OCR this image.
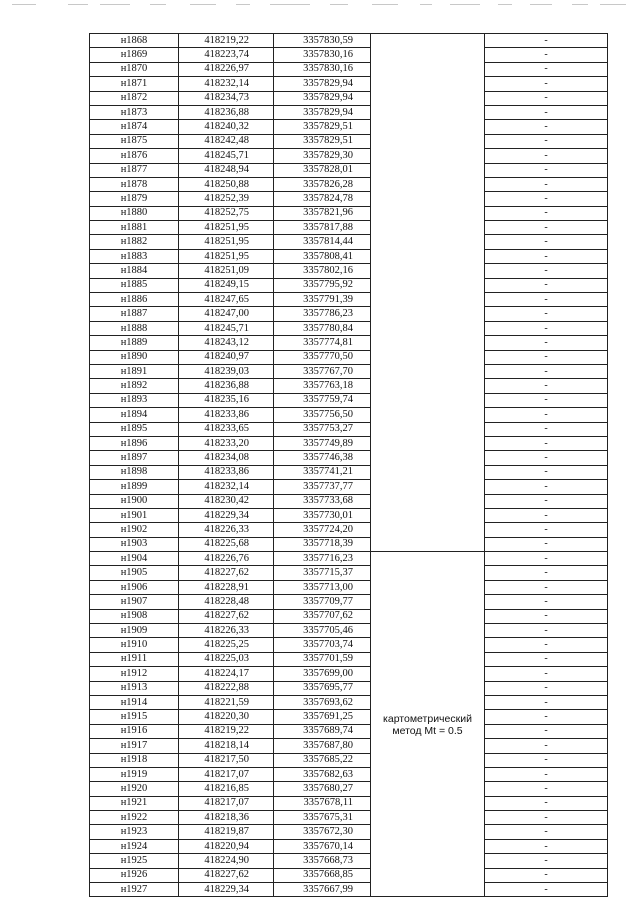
н1868	418219,22	3357830,59		-
н1869	418223,74	3357830,16		-
н1870	418226,97	3357830,16		-
н1871	418232,14	3357829,94		-
н1872	418234,73	3357829,94		-
н1873	418236,88	3357829,94		-
н1874	418240,32	3357829,51		-
н1875	418242,48	3357829,51		-
н1876	418245,71	3357829,30		-
н1877	418248,94	3357828,01		-
н1878	418250,88	3357826,28		-
н1879	418252,39	3357824,78		-
н1880	418252,75	3357821,96		-
н1881	418251,95	3357817,88		-
н1882	418251,95	3357814,44		-
н1883	418251,95	3357808,41		-
н1884	418251,09	3357802,16		-
н1885	418249,15	3357795,92		-
н1886	418247,65	3357791,39		-
н1887	418247,00	3357786,23		-
н1888	418245,71	3357780,84		-
н1889	418243,12	3357774,81		-
н1890	418240,97	3357770,50		-
н1891	418239,03	3357767,70		-
н1892	418236,88	3357763,18		-
н1893	418235,16	3357759,74		-
н1894	418233,86	3357756,50		-
н1895	418233,65	3357753,27		-
н1896	418233,20	3357749,89		-
н1897	418234,08	3357746,38		-
н1898	418233,86	3357741,21		-
н1899	418232,14	3357737,77		-
н1900	418230,42	3357733,68		-
н1901	418229,34	3357730,01		-
н1902	418226,33	3357724,20		-
н1903	418225,68	3357718,39		-
н1904	418226,76	3357716,23	картометрический метод Mt = 0.5	-
н1905	418227,62	3357715,37		-
н1906	418228,91	3357713,00		-
н1907	418228,48	3357709,77		-
н1908	418227,62	3357707,62		-
н1909	418226,33	3357705,46		-
н1910	418225,25	3357703,74		-
н1911	418225,03	3357701,59		-
н1912	418224,17	3357699,00		-
н1913	418222,88	3357695,77		-
н1914	418221,59	3357693,62		-
н1915	418220,30	3357691,25		-
н1916	418219,22	3357689,74		-
н1917	418218,14	3357687,80		-
н1918	418217,50	3357685,22		-
н1919	418217,07	3357682,63		-
н1920	418216,85	3357680,27		-
н1921	418217,07	3357678,11		-
н1922	418218,36	3357675,31		-
н1923	418219,87	3357672,30		-
н1924	418220,94	3357670,14		-
н1925	418224,90	3357668,73		-
н1926	418227,62	3357668,85		-
н1927	418229,34	3357667,99		-
